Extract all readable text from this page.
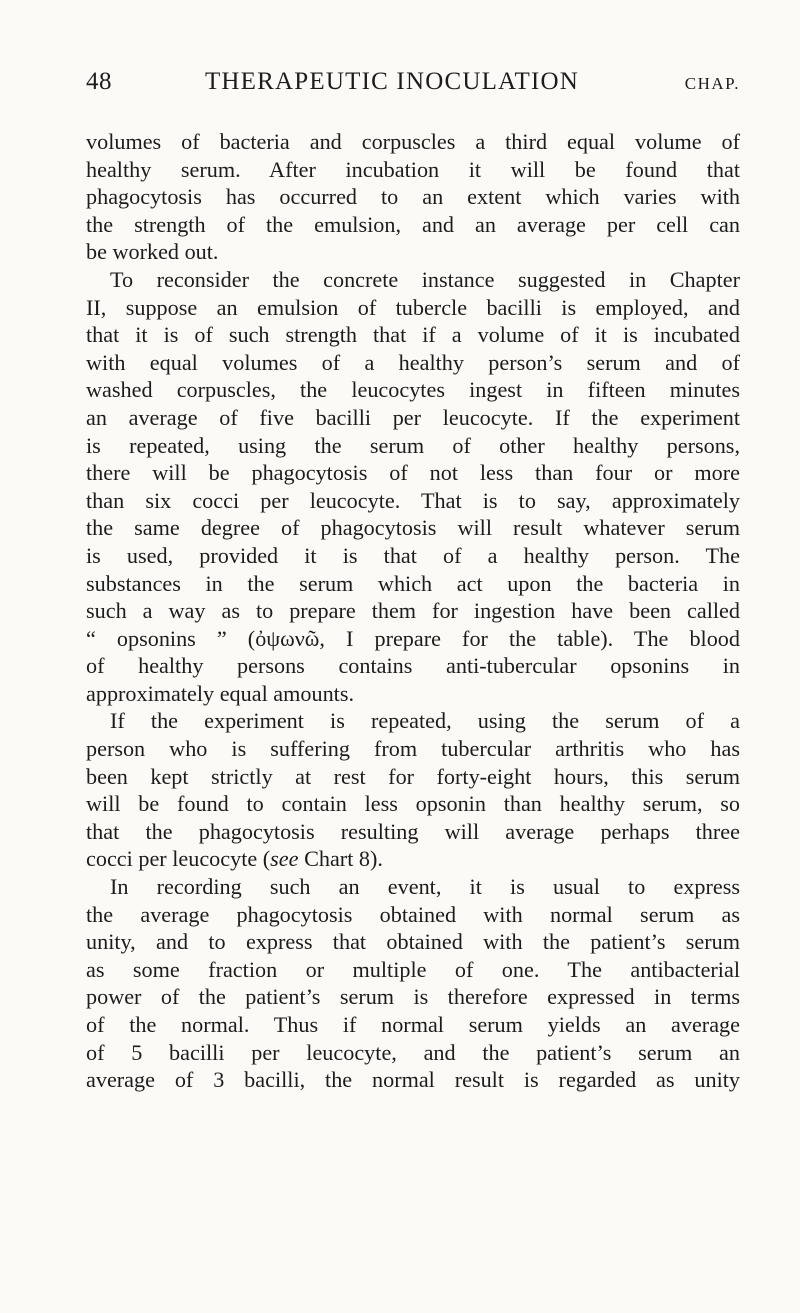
48	THERAPEUTIC INOCULATION	CHAP.
volumes of bacteria and corpuscles a third equal volume of
healthy serum. After incubation it will be found that
phagocytosis has occurred to an extent which varies with
the strength of the emulsion, and an average per cell can
be worked out.
To reconsider the concrete instance suggested in Chapter
II, suppose an emulsion of tubercle bacilli is employed, and
that it is of such strength that if a volume of it is incubated
with equal volumes of a healthy person’s serum and of
washed corpuscles, the leucocytes ingest in fifteen minutes
an average of five bacilli per leucocyte. If the experiment
is repeated, using the serum of other healthy persons,
there will be phagocytosis of not less than four or more
than six cocci per leucocyte. That is to say, approximately
the same degree of phagocytosis will result whatever serum
is used, provided it is that of a healthy person. The
substances in the serum which act upon the bacteria in
such a way as to prepare them for ingestion have been called
“ opsonins ” (ὀψωνῶ, I prepare for the table). The blood
of healthy persons contains anti-tubercular opsonins in
approximately equal amounts.
If the experiment is repeated, using the serum of a
person who is suffering from tubercular arthritis who has
been kept strictly at rest for forty-eight hours, this serum
will be found to contain less opsonin than healthy serum, so
that the phagocytosis resulting will average perhaps three
cocci per leucocyte (see Chart 8).
In recording such an event, it is usual to express
the average phagocytosis obtained with normal serum as
unity, and to express that obtained with the patient’s serum
as some fraction or multiple of one. The antibacterial
power of the patient’s serum is therefore expressed in terms
of the normal. Thus if normal serum yields an average
of 5 bacilli per leucocyte, and the patient’s serum an
average of 3 bacilli, the normal result is regarded as unity
